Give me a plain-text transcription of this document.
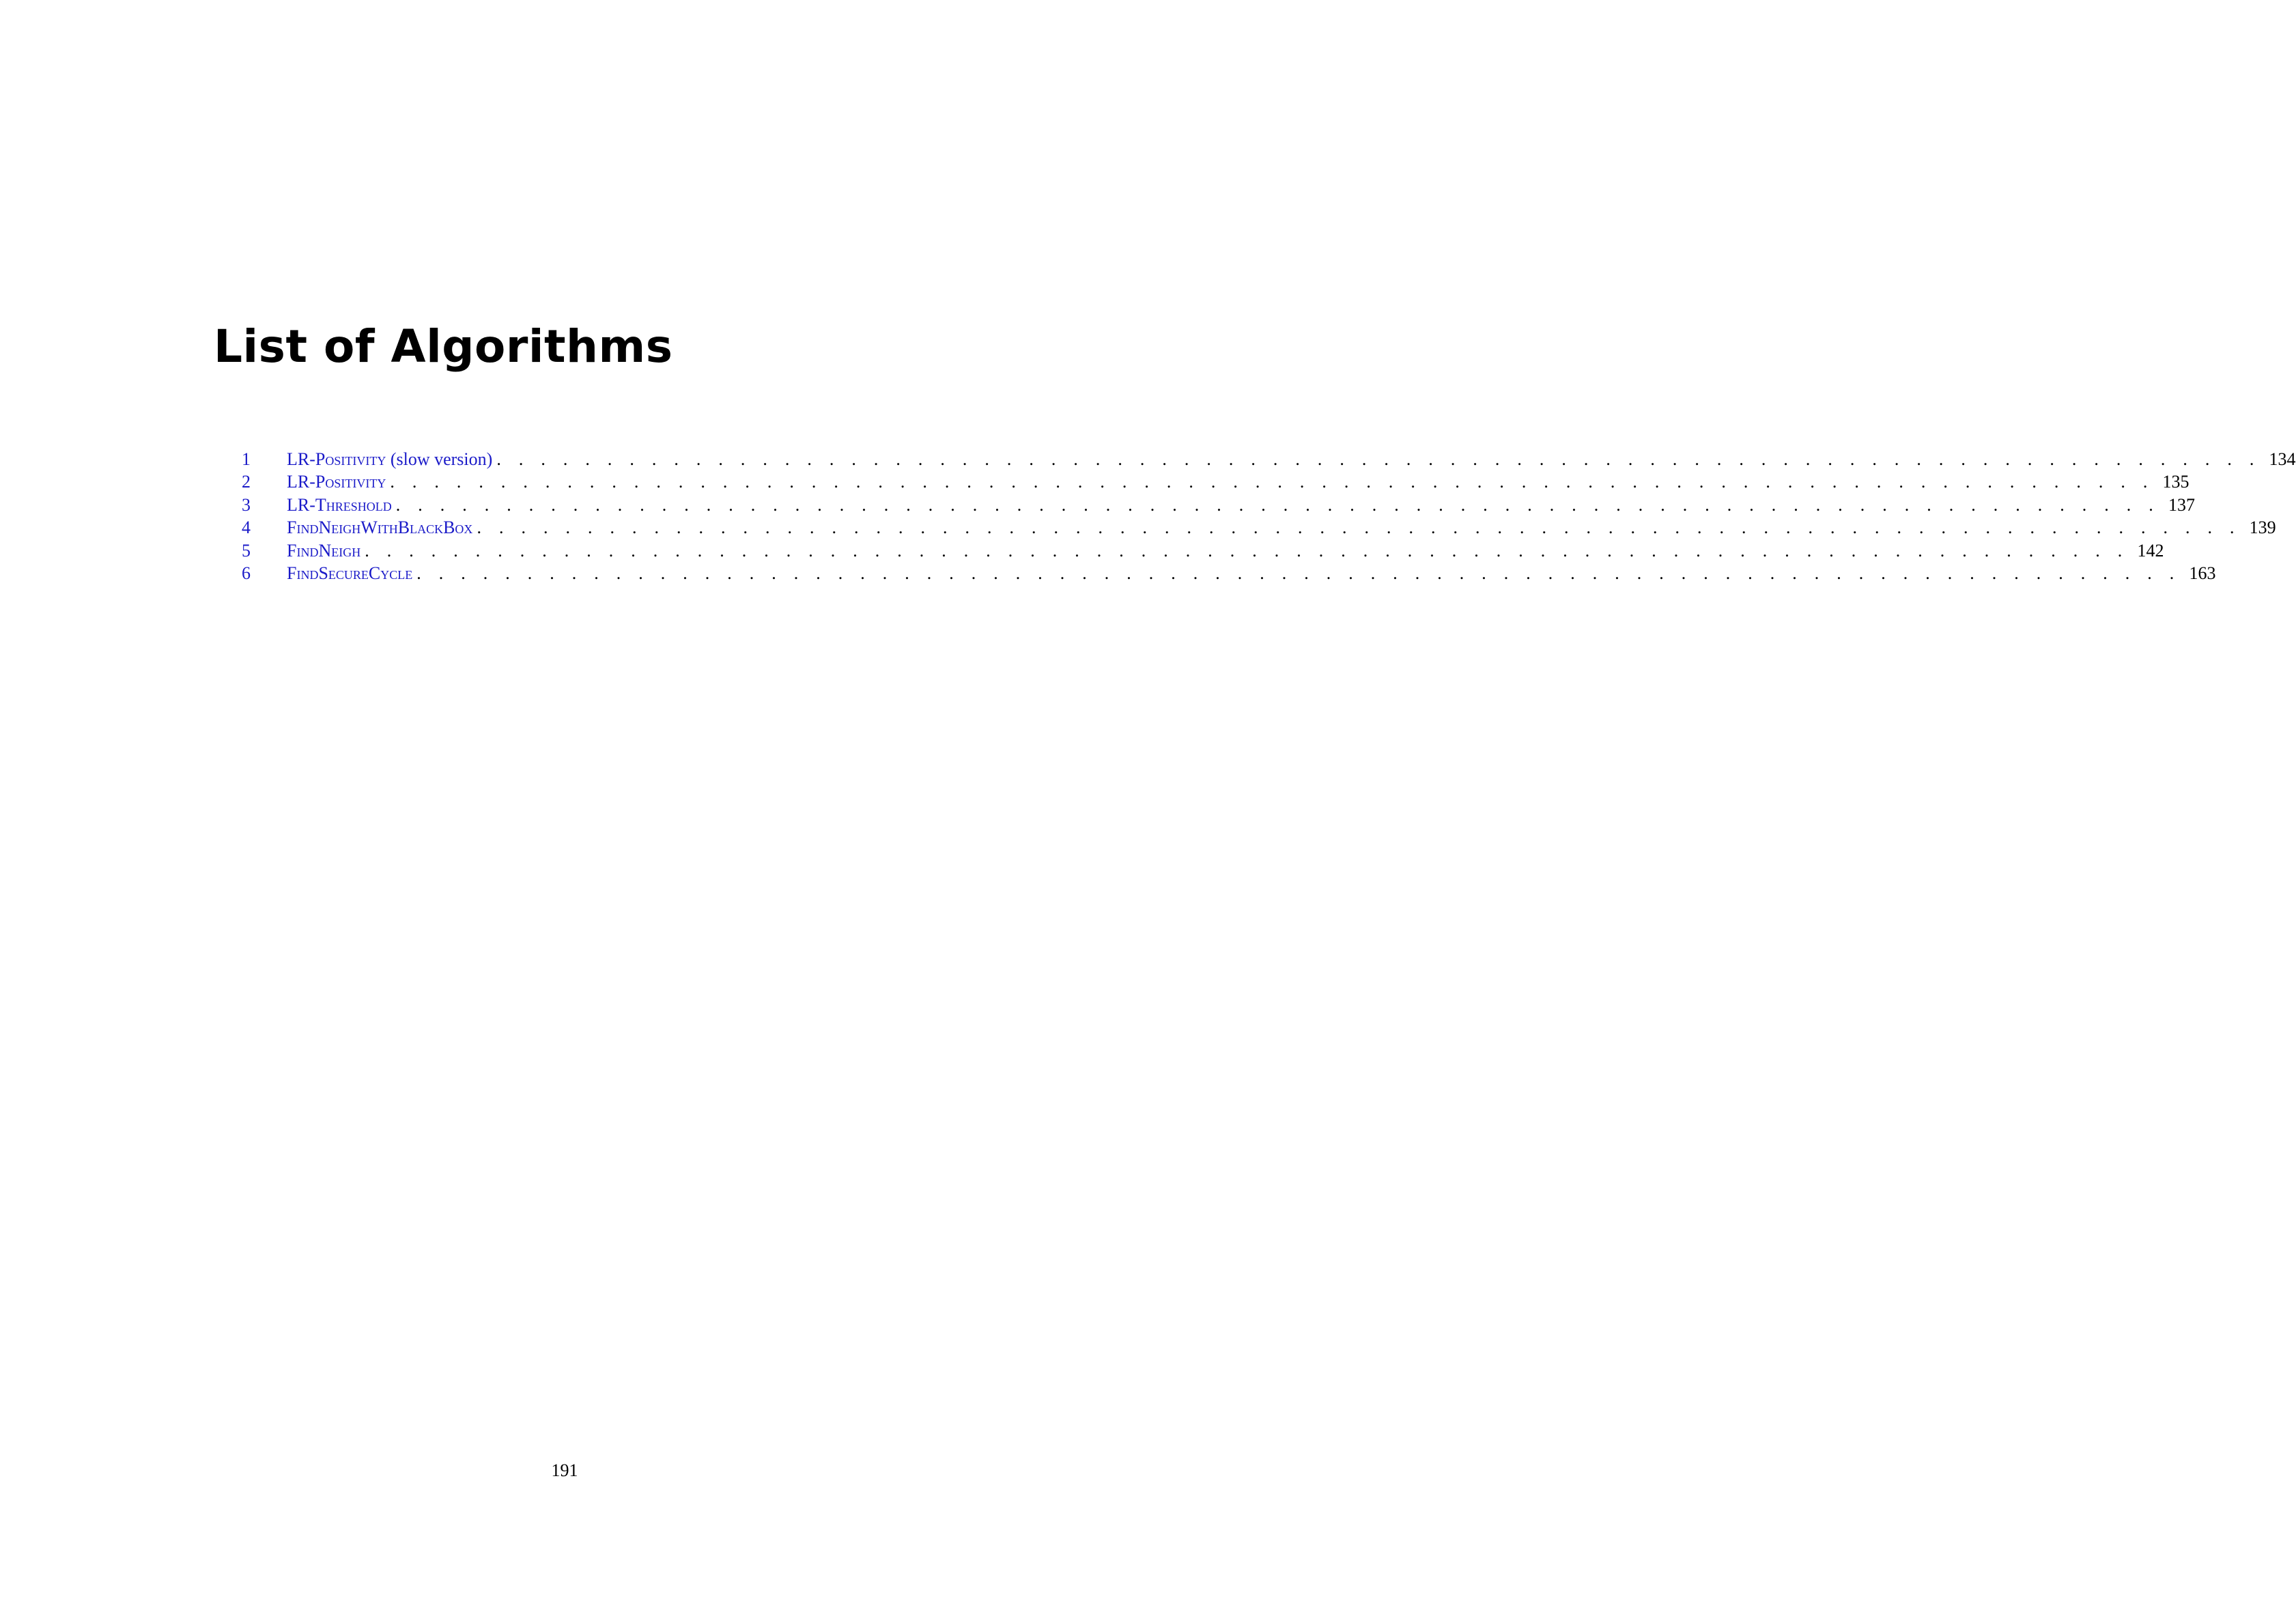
List of Algorithms
1	LR-Positivity (slow version)  . . . . . . . . . . . . . . . . . . . . . . . . . . . . . . . . . . . . . . . . . . . . . . . . . . . . . . . . . . . . . . . . . . . . . . . . . . . . . . . . 134
2	LR-Positivity  . . . . . . . . . . . . . . . . . . . . . . . . . . . . . . . . . . . . . . . . . . . . . . . . . . . . . . . . . . . . . . . . . . . . . . . . . . . . . . . . 135
3	LR-Threshold  . . . . . . . . . . . . . . . . . . . . . . . . . . . . . . . . . . . . . . . . . . . . . . . . . . . . . . . . . . . . . . . . . . . . . . . . . . . . . . . . 137
4	FindNeighWithBlackBox  . . . . . . . . . . . . . . . . . . . . . . . . . . . . . . . . . . . . . . . . . . . . . . . . . . . . . . . . . . . . . . . . . . . . . . . . . . . . . . . . 139
5	FindNeigh  . . . . . . . . . . . . . . . . . . . . . . . . . . . . . . . . . . . . . . . . . . . . . . . . . . . . . . . . . . . . . . . . . . . . . . . . . . . . . . . . 142
6	FindSecureCycle  . . . . . . . . . . . . . . . . . . . . . . . . . . . . . . . . . . . . . . . . . . . . . . . . . . . . . . . . . . . . . . . . . . . . . . . . . . . . . . . . 163
191
